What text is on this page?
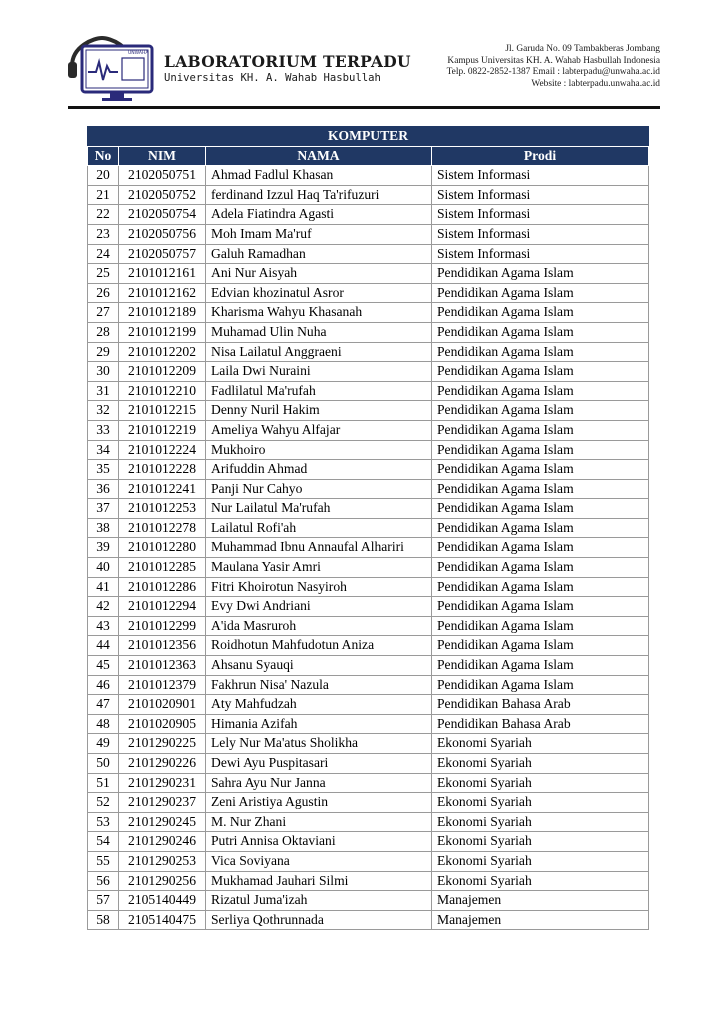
UNWAHA LABORATORIUM TERPADU
Universitas KH. A. Wahab Hasbullah
Jl. Garuda No. 09 Tambakberas Jombang
Kampus Universitas KH. A. Wahab Hasbullah Indonesia
Telp. 0822-2852-1387 Email : labterpadu@unwaha.ac.id
Website : labterpadu.unwaha.ac.id
KOMPUTER			
No	NIM	NAMA	Prodi
20	2102050751	Ahmad Fadlul Khasan	Sistem Informasi
21	2102050752	ferdinand Izzul Haq Ta'rifuzuri	Sistem Informasi
22	2102050754	Adela Fiatindra Agasti	Sistem Informasi
23	2102050756	Moh Imam Ma'ruf	Sistem Informasi
24	2102050757	Galuh Ramadhan	Sistem Informasi
25	2101012161	Ani Nur Aisyah	Pendidikan Agama Islam
26	2101012162	Edvian khozinatul Asror	Pendidikan Agama Islam
27	2101012189	Kharisma Wahyu Khasanah	Pendidikan Agama Islam
28	2101012199	Muhamad Ulin Nuha	Pendidikan Agama Islam
29	2101012202	Nisa Lailatul Anggraeni	Pendidikan Agama Islam
30	2101012209	Laila Dwi Nuraini	Pendidikan Agama Islam
31	2101012210	Fadlilatul Ma'rufah	Pendidikan Agama Islam
32	2101012215	Denny Nuril Hakim	Pendidikan Agama Islam
33	2101012219	Ameliya Wahyu Alfajar	Pendidikan Agama Islam
34	2101012224	Mukhoiro	Pendidikan Agama Islam
35	2101012228	Arifuddin Ahmad	Pendidikan Agama Islam
36	2101012241	Panji Nur Cahyo	Pendidikan Agama Islam
37	2101012253	Nur Lailatul Ma'rufah	Pendidikan Agama Islam
38	2101012278	Lailatul Rofi'ah	Pendidikan Agama Islam
39	2101012280	Muhammad Ibnu Annaufal Alhariri	Pendidikan Agama Islam
40	2101012285	Maulana Yasir Amri	Pendidikan Agama Islam
41	2101012286	Fitri Khoirotun Nasyiroh	Pendidikan Agama Islam
42	2101012294	Evy Dwi Andriani	Pendidikan Agama Islam
43	2101012299	A'ida Masruroh	Pendidikan Agama Islam
44	2101012356	Roidhotun Mahfudotun Aniza	Pendidikan Agama Islam
45	2101012363	Ahsanu Syauqi	Pendidikan Agama Islam
46	2101012379	Fakhrun Nisa' Nazula	Pendidikan Agama Islam
47	2101020901	Aty Mahfudzah	Pendidikan Bahasa Arab
48	2101020905	Himania Azifah	Pendidikan Bahasa Arab
49	2101290225	Lely Nur Ma'atus Sholikha	Ekonomi Syariah
50	2101290226	Dewi Ayu Puspitasari	Ekonomi Syariah
51	2101290231	Sahra Ayu Nur Janna	Ekonomi Syariah
52	2101290237	Zeni Aristiya Agustin	Ekonomi Syariah
53	2101290245	M. Nur Zhani	Ekonomi Syariah
54	2101290246	Putri Annisa Oktaviani	Ekonomi Syariah
55	2101290253	Vica Soviyana	Ekonomi Syariah
56	2101290256	Mukhamad Jauhari Silmi	Ekonomi Syariah
57	2105140449	Rizatul Juma'izah	Manajemen
58	2105140475	Serliya Qothrunnada	Manajemen
